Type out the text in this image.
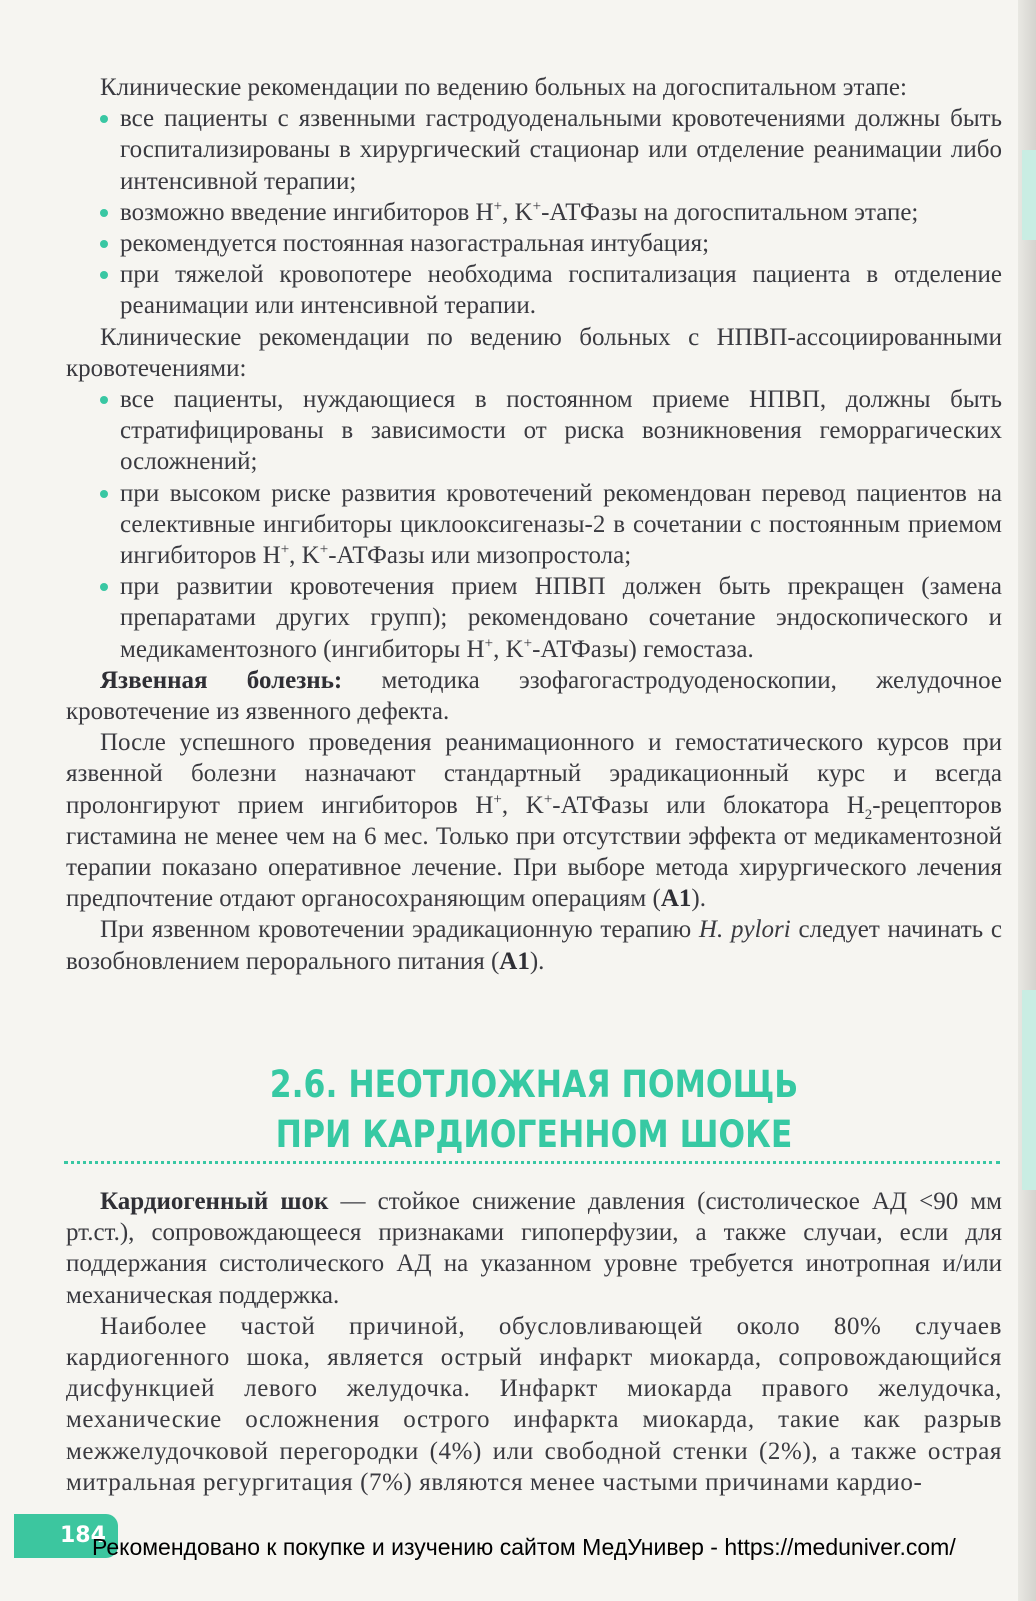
Клинические рекомендации по ведению больных на догоспитальном этапе:

все пациенты с язвенными гастродуоденальными кровотечениями должны быть госпитализированы в хирургический стационар или отделение реанимации либо интенсивной терапии;
возможно введение ингибиторов H+, K+-АТФазы на догоспитальном этапе;
рекомендуется постоянная назогастральная интубация;
при тяжелой кровопотере необходима госпитализация пациента в отделение реанимации или интенсивной терапии.

Клинические рекомендации по ведению больных с НПВП-ассоциированными кровотечениями:

все пациенты, нуждающиеся в постоянном приеме НПВП, должны быть стратифицированы в зависимости от риска возникновения геморрагических осложнений;
при высоком риске развития кровотечений рекомендован перевод пациентов на селективные ингибиторы циклооксигеназы-2 в сочетании с постоянным приемом ингибиторов H+, K+-АТФазы или мизопростола;
при развитии кровотечения прием НПВП должен быть прекращен (замена препаратами других групп); рекомендовано сочетание эндоскопического и медикаментозного (ингибиторы H+, K+-АТФазы) гемостаза.

Язвенная болезнь: методика эзофагогастродуоденоскопии, желудочное кровотечение из язвенного дефекта.

После успешного проведения реанимационного и гемостатического курсов при язвенной болезни назначают стандартный эрадикационный курс и всегда пролонгируют прием ингибиторов H+, K+-АТФазы или блокатора $H_2$-рецепторов гистамина не менее чем на 6 мес. Только при отсутствии эффекта от медикаментозной терапии показано оперативное лечение. При выборе метода хирургического лечения предпочтение отдают органосохраняющим операциям (A1).

При язвенном кровотечении эрадикационную терапию H. pylori следует начинать с возобновлением перорального питания (A1).

2.6. НЕОТЛОЖНАЯ ПОМОЩЬ
ПРИ КАРДИОГЕННОМ ШОКЕ

Кардиогенный шок — стойкое снижение давления (систолическое АД <90 мм рт.ст.), сопровождающееся признаками гипоперфузии, а также случаи, если для поддержания систолического АД на указанном уровне требуется инотропная и/или механическая поддержка.

Наиболее частой причиной, обусловливающей около 80% случаев кардиогенного шока, является острый инфаркт миокарда, сопровождающийся дисфункцией левого желудочка. Инфаркт миокарда правого желудочка, механические осложнения острого инфаркта миокарда, такие как разрыв межжелудочковой перегородки (4%) или свободной стенки (2%), а также острая митральная регургитация (7%) являются менее частыми причинами кардио-

184
Рекомендовано к покупке и изучению сайтом МедУнивер - https://meduniver.com/
